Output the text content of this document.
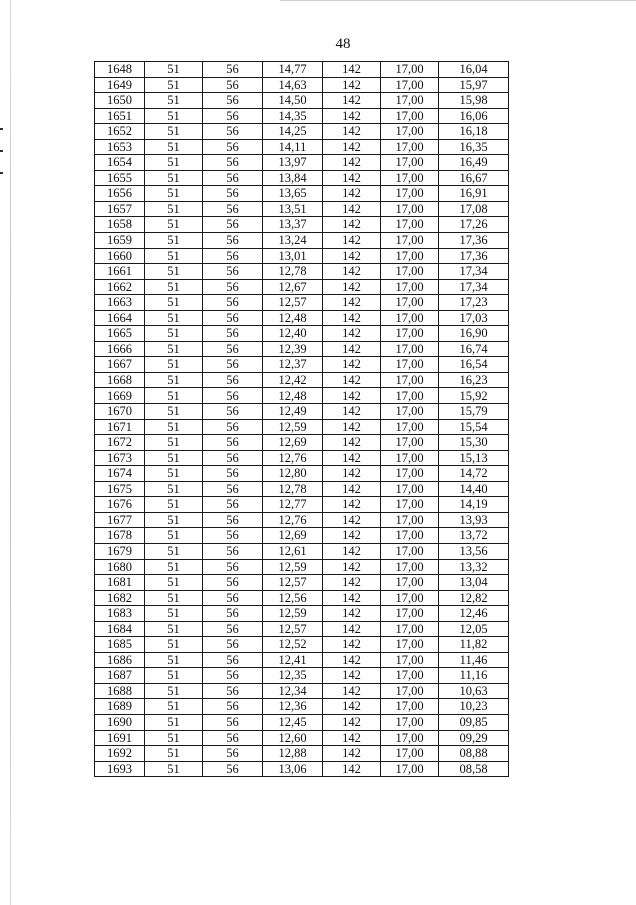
48
1648	51	56	14,77	142	17,00	16,04
1649	51	56	14,63	142	17,00	15,97
1650	51	56	14,50	142	17,00	15,98
1651	51	56	14,35	142	17,00	16,06
1652	51	56	14,25	142	17,00	16,18
1653	51	56	14,11	142	17,00	16,35
1654	51	56	13,97	142	17,00	16,49
1655	51	56	13,84	142	17,00	16,67
1656	51	56	13,65	142	17,00	16,91
1657	51	56	13,51	142	17,00	17,08
1658	51	56	13,37	142	17,00	17,26
1659	51	56	13,24	142	17,00	17,36
1660	51	56	13,01	142	17,00	17,36
1661	51	56	12,78	142	17,00	17,34
1662	51	56	12,67	142	17,00	17,34
1663	51	56	12,57	142	17,00	17,23
1664	51	56	12,48	142	17,00	17,03
1665	51	56	12,40	142	17,00	16,90
1666	51	56	12,39	142	17,00	16,74
1667	51	56	12,37	142	17,00	16,54
1668	51	56	12,42	142	17,00	16,23
1669	51	56	12,48	142	17,00	15,92
1670	51	56	12,49	142	17,00	15,79
1671	51	56	12,59	142	17,00	15,54
1672	51	56	12,69	142	17,00	15,30
1673	51	56	12,76	142	17,00	15,13
1674	51	56	12,80	142	17,00	14,72
1675	51	56	12,78	142	17,00	14,40
1676	51	56	12,77	142	17,00	14,19
1677	51	56	12,76	142	17,00	13,93
1678	51	56	12,69	142	17,00	13,72
1679	51	56	12,61	142	17,00	13,56
1680	51	56	12,59	142	17,00	13,32
1681	51	56	12,57	142	17,00	13,04
1682	51	56	12,56	142	17,00	12,82
1683	51	56	12,59	142	17,00	12,46
1684	51	56	12,57	142	17,00	12,05
1685	51	56	12,52	142	17,00	11,82
1686	51	56	12,41	142	17,00	11,46
1687	51	56	12,35	142	17,00	11,16
1688	51	56	12,34	142	17,00	10,63
1689	51	56	12,36	142	17,00	10,23
1690	51	56	12,45	142	17,00	09,85
1691	51	56	12,60	142	17,00	09,29
1692	51	56	12,88	142	17,00	08,88
1693	51	56	13,06	142	17,00	08,58
